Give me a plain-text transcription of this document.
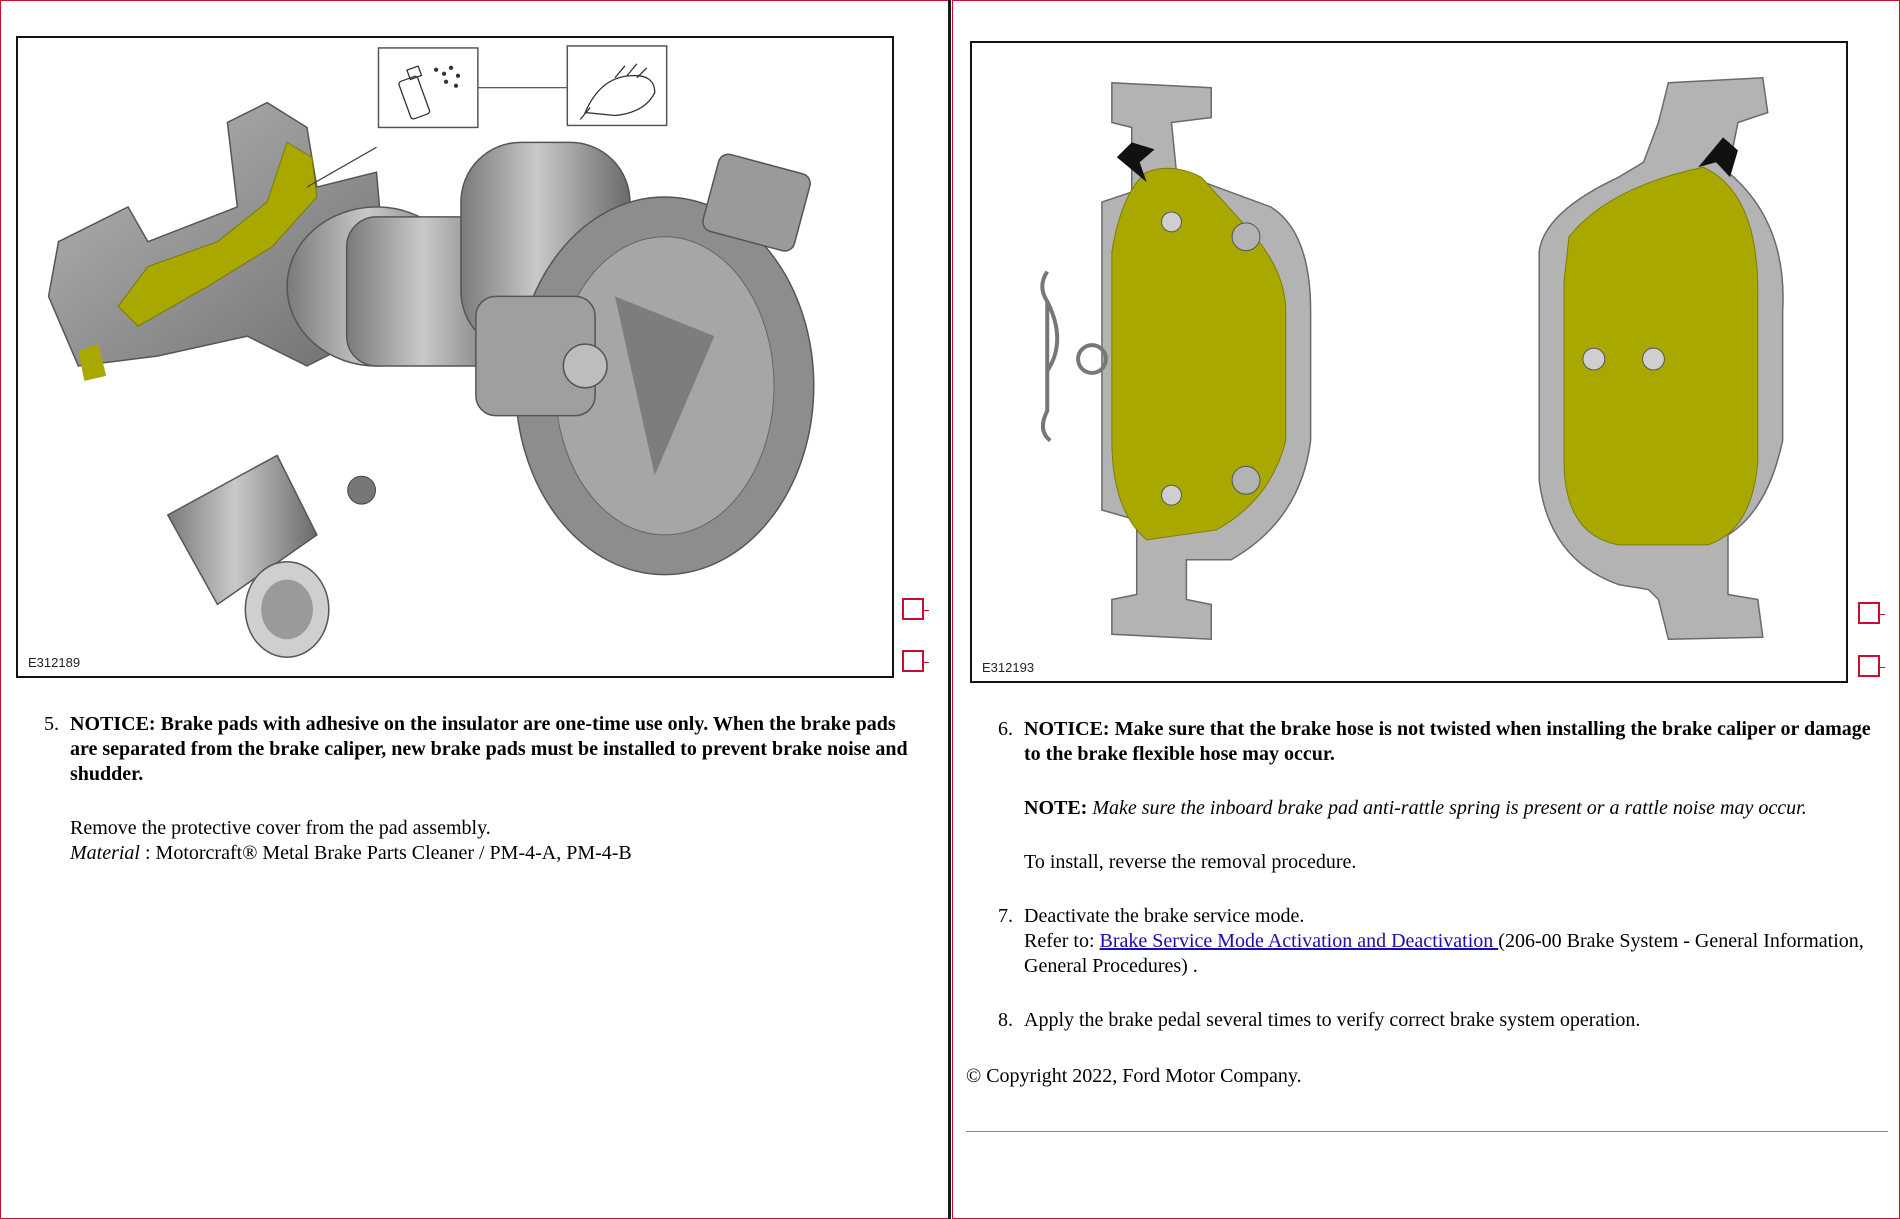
E312189	E312193
5. NOTICE: Brake pads with adhesive on the insulator are one-time use only. When the brake pads are separated from the brake caliper, new brake pads must be installed to prevent brake noise and shudder.
Remove the protective cover from the pad assembly.
Material : Motorcraft® Metal Brake Parts Cleaner / PM-4-A, PM-4-B
6. NOTICE: Make sure that the brake hose is not twisted when installing the brake caliper or damage to the brake flexible hose may occur.
NOTE: Make sure the inboard brake pad anti-rattle spring is present or a rattle noise may occur.
To install, reverse the removal procedure.
7. Deactivate the brake service mode.
Refer to: Brake Service Mode Activation and Deactivation (206-00 Brake System - General Information, General Procedures) .
8. Apply the brake pedal several times to verify correct brake system operation.
© Copyright 2022, Ford Motor Company.
